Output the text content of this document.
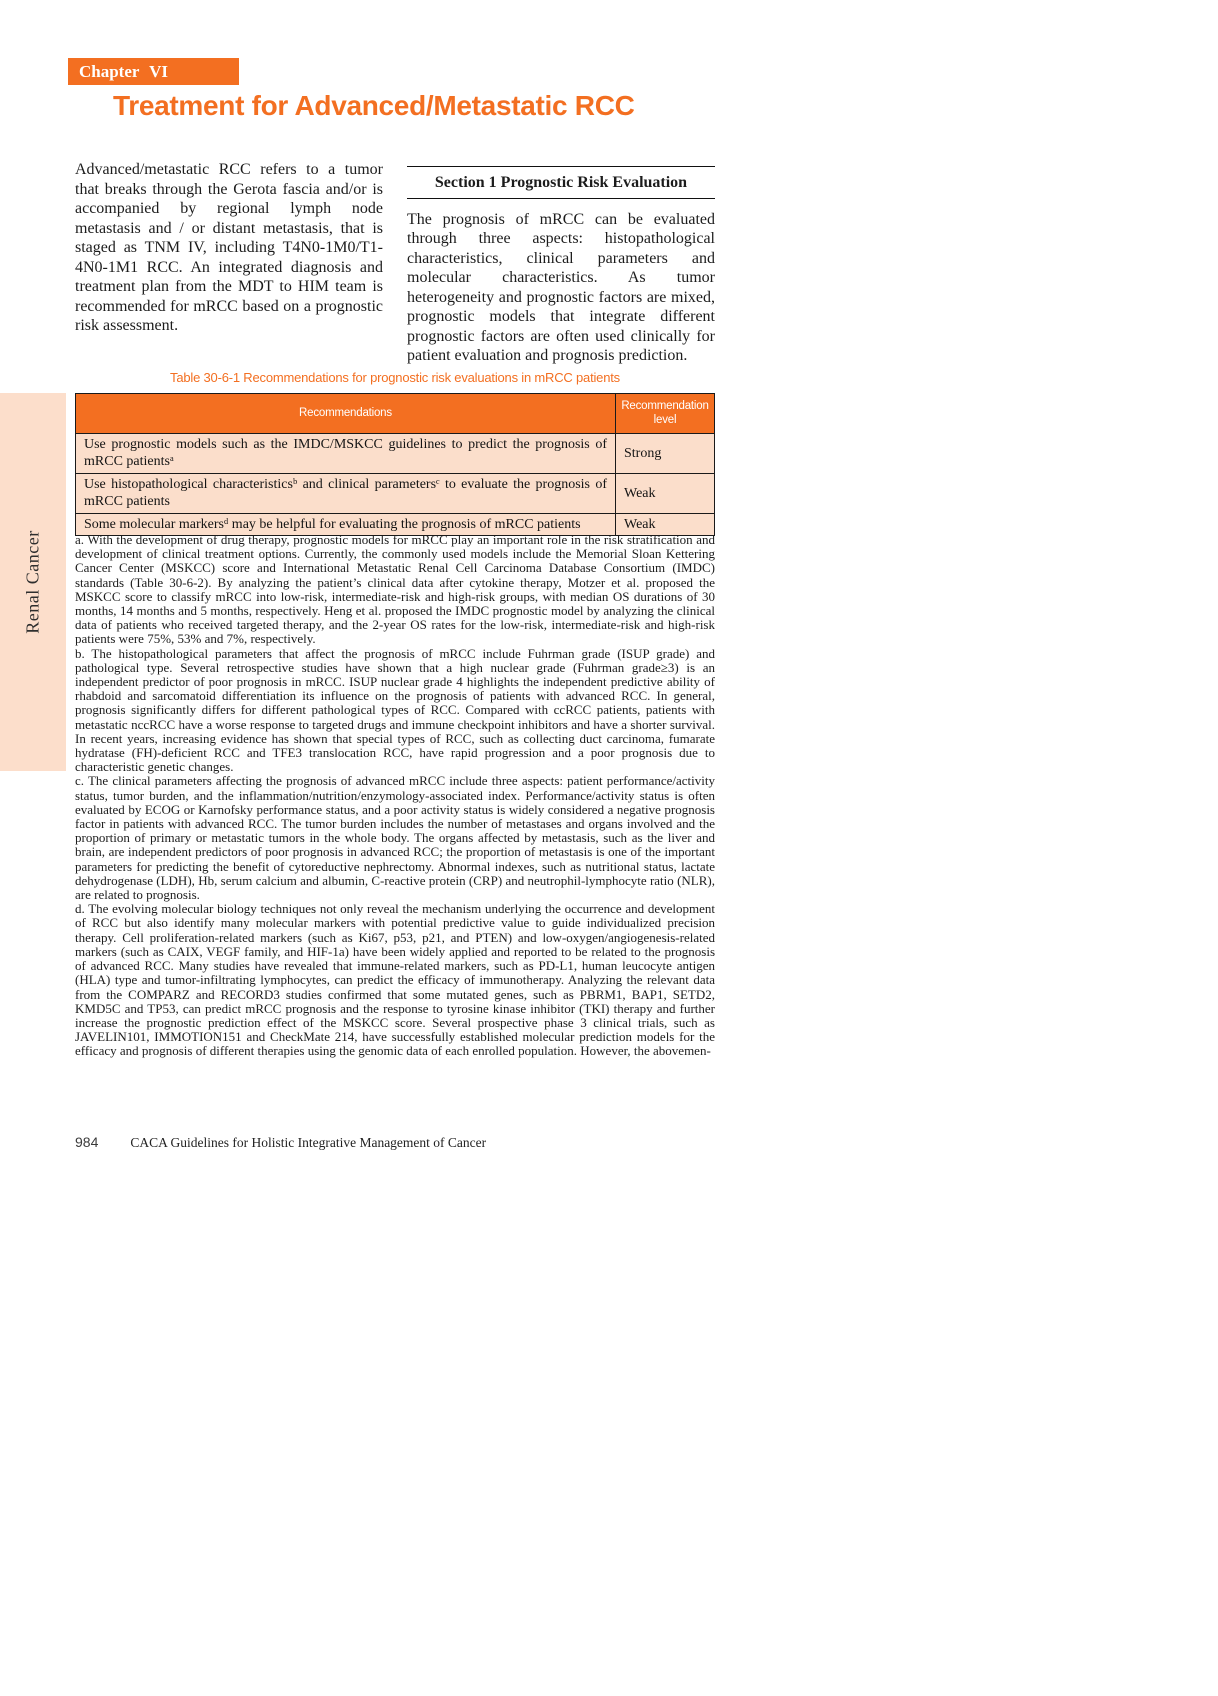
Renal Cancer
Chapter VI
Treatment for Advanced/Metastatic RCC

Advanced/metastatic RCC refers to a tumor that breaks through the Gerota fascia and/or is accompanied by regional lymph node metastasis and / or distant metastasis, that is staged as TNM IV, including T4N0-1M0/T1-4N0-1M1 RCC. An integrated diagnosis and treatment plan from the MDT to HIM team is recommended for mRCC based on a prognostic risk assessment.

Section 1 Prognostic Risk Evaluation

The prognosis of mRCC can be evaluated through three aspects: histopathological characteristics, clinical parameters and molecular characteristics. As tumor heterogeneity and prognostic factors are mixed, prognostic models that integrate different prognostic factors are often used clinically for patient evaluation and prognosis prediction.

Table 30-6-1 Recommendations for prognostic risk evaluations in mRCC patients
Recommendations	Recommendation level
Use prognostic models such as the IMDC/MSKCC guidelines to predict the prognosis of mRCC patientsᵃ	Strong
Use histopathological characteristicsᵇ and clinical parametersᶜ to evaluate the prognosis of mRCC patients	Weak
Some molecular markersᵈ may be helpful for evaluating the prognosis of mRCC patients	Weak

a. With the development of drug therapy, prognostic models for mRCC play an important role in the risk stratification and development of clinical treatment options. Currently, the commonly used models include the Memorial Sloan Kettering Cancer Center (MSKCC) score and International Metastatic Renal Cell Carcinoma Database Consortium (IMDC) standards (Table 30-6-2). By analyzing the patient’s clinical data after cytokine therapy, Motzer et al. proposed the MSKCC score to classify mRCC into low-risk, intermediate-risk and high-risk groups, with median OS durations of 30 months, 14 months and 5 months, respectively. Heng et al. proposed the IMDC prognostic model by analyzing the clinical data of patients who received targeted therapy, and the 2-year OS rates for the low-risk, intermediate-risk and high-risk patients were 75%, 53% and 7%, respectively.

b. The histopathological parameters that affect the prognosis of mRCC include Fuhrman grade (ISUP grade) and pathological type. Several retrospective studies have shown that a high nuclear grade (Fuhrman grade≥3) is an independent predictor of poor prognosis in mRCC. ISUP nuclear grade 4 highlights the independent predictive ability of rhabdoid and sarcomatoid differentiation its influence on the prognosis of patients with advanced RCC. In general, prognosis significantly differs for different pathological types of RCC. Compared with ccRCC patients, patients with metastatic nccRCC have a worse response to targeted drugs and immune checkpoint inhibitors and have a shorter survival. In recent years, increasing evidence has shown that special types of RCC, such as collecting duct carcinoma, fumarate hydratase (FH)-deficient RCC and TFE3 translocation RCC, have rapid progression and a poor prognosis due to characteristic genetic changes.

c. The clinical parameters affecting the prognosis of advanced mRCC include three aspects: patient performance/activity status, tumor burden, and the inflammation/nutrition/enzymology-associated index. Performance/activity status is often evaluated by ECOG or Karnofsky performance status, and a poor activity status is widely considered a negative prognosis factor in patients with advanced RCC. The tumor burden includes the number of metastases and organs involved and the proportion of primary or metastatic tumors in the whole body. The organs affected by metastasis, such as the liver and brain, are independent predictors of poor prognosis in advanced RCC; the proportion of metastasis is one of the important parameters for predicting the benefit of cytoreductive nephrectomy. Abnormal indexes, such as nutritional status, lactate dehydrogenase (LDH), Hb, serum calcium and albumin, C-reactive protein (CRP) and neutrophil-lymphocyte ratio (NLR), are related to prognosis.

d. The evolving molecular biology techniques not only reveal the mechanism underlying the occurrence and development of RCC but also identify many molecular markers with potential predictive value to guide individualized precision therapy. Cell proliferation-related markers (such as Ki67, p53, p21, and PTEN) and low-oxygen/angiogenesis-related markers (such as CAIX, VEGF family, and HIF-1a) have been widely applied and reported to be related to the prognosis of advanced RCC. Many studies have revealed that immune-related markers, such as PD-L1, human leucocyte antigen (HLA) type and tumor-infiltrating lymphocytes, can predict the efficacy of immunotherapy. Analyzing the relevant data from the COMPARZ and RECORD3 studies confirmed that some mutated genes, such as PBRM1, BAP1, SETD2, KMD5C and TP53, can predict mRCC prognosis and the response to tyrosine kinase inhibitor (TKI) therapy and further increase the prognostic prediction effect of the MSKCC score. Several prospective phase 3 clinical trials, such as JAVELIN101, IMMOTION151 and CheckMate 214, have successfully established molecular prediction models for the efficacy and prognosis of different therapies using the genomic data of each enrolled population. However, the abovemen-

984 CACA Guidelines for Holistic Integrative Management of Cancer
